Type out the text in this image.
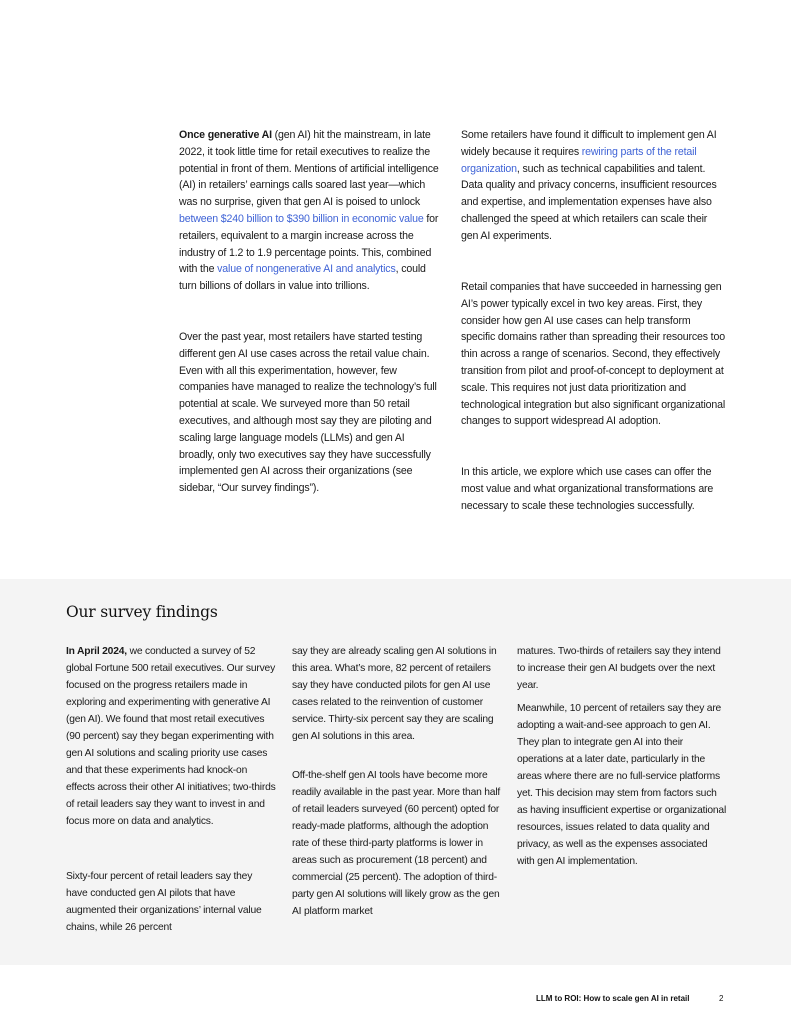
Once generative AI (gen AI) hit the mainstream, in late 2022, it took little time for retail executives to realize the potential in front of them. Mentions of artificial intelligence (AI) in retailers’ earnings calls soared last year—which was no surprise, given that gen AI is poised to unlock between $240 billion to $390 billion in economic value for retailers, equivalent to a margin increase across the industry of 1.2 to 1.9 percentage points. This, combined with the value of nongenerative AI and analytics, could turn billions of dollars in value into trillions.

Over the past year, most retailers have started testing different gen AI use cases across the retail value chain. Even with all this experimentation, however, few companies have managed to realize the technology’s full potential at scale. We surveyed more than 50 retail executives, and although most say they are piloting and scaling large language models (LLMs) and gen AI broadly, only two executives say they have successfully implemented gen AI across their organizations (see sidebar, “Our survey findings”).

Some retailers have found it difficult to implement gen AI widely because it requires rewiring parts of the retail organization, such as technical capabilities and talent. Data quality and privacy concerns, insufficient resources and expertise, and implementation expenses have also challenged the speed at which retailers can scale their gen AI experiments.

Retail companies that have succeeded in harnessing gen AI’s power typically excel in two key areas. First, they consider how gen AI use cases can help transform specific domains rather than spreading their resources too thin across a range of scenarios. Second, they effectively transition from pilot and proof-of-concept to deployment at scale. This requires not just data prioritization and technological integration but also significant organizational changes to support widespread AI adoption.

In this article, we explore which use cases can offer the most value and what organizational transformations are necessary to scale these technologies successfully.

Our survey findings

In April 2024, we conducted a survey of 52 global Fortune 500 retail executives. Our survey focused on the progress retailers made in exploring and experimenting with generative AI (gen AI). We found that most retail executives (90 percent) say they began experimenting with gen AI solutions and scaling priority use cases and that these experiments had knock-on effects across their other AI initiatives; two-thirds of retail leaders say they want to invest in and focus more on data and analytics.

Sixty-four percent of retail leaders say they have conducted gen AI pilots that have augmented their organizations’ internal value chains, while 26 percent

say they are already scaling gen AI solutions in this area. What’s more, 82 percent of retailers say they have conducted pilots for gen AI use cases related to the reinvention of customer service. Thirty-six percent say they are scaling gen AI solutions in this area.

Off-the-shelf gen AI tools have become more readily available in the past year. More than half of retail leaders surveyed (60 percent) opted for ready-made platforms, although the adoption rate of these third-party platforms is lower in areas such as procurement (18 percent) and commercial (25 percent). The adoption of third-party gen AI solutions will likely grow as the gen AI platform market

matures. Two-thirds of retailers say they intend to increase their gen AI budgets over the next year.

Meanwhile, 10 percent of retailers say they are adopting a wait-and-see approach to gen AI. They plan to integrate gen AI into their operations at a later date, particularly in the areas where there are no full-service platforms yet. This decision may stem from factors such as having insufficient expertise or organizational resources, issues related to data quality and privacy, as well as the expenses associated with gen AI implementation.

LLM to ROI: How to scale gen AI in retail	2
